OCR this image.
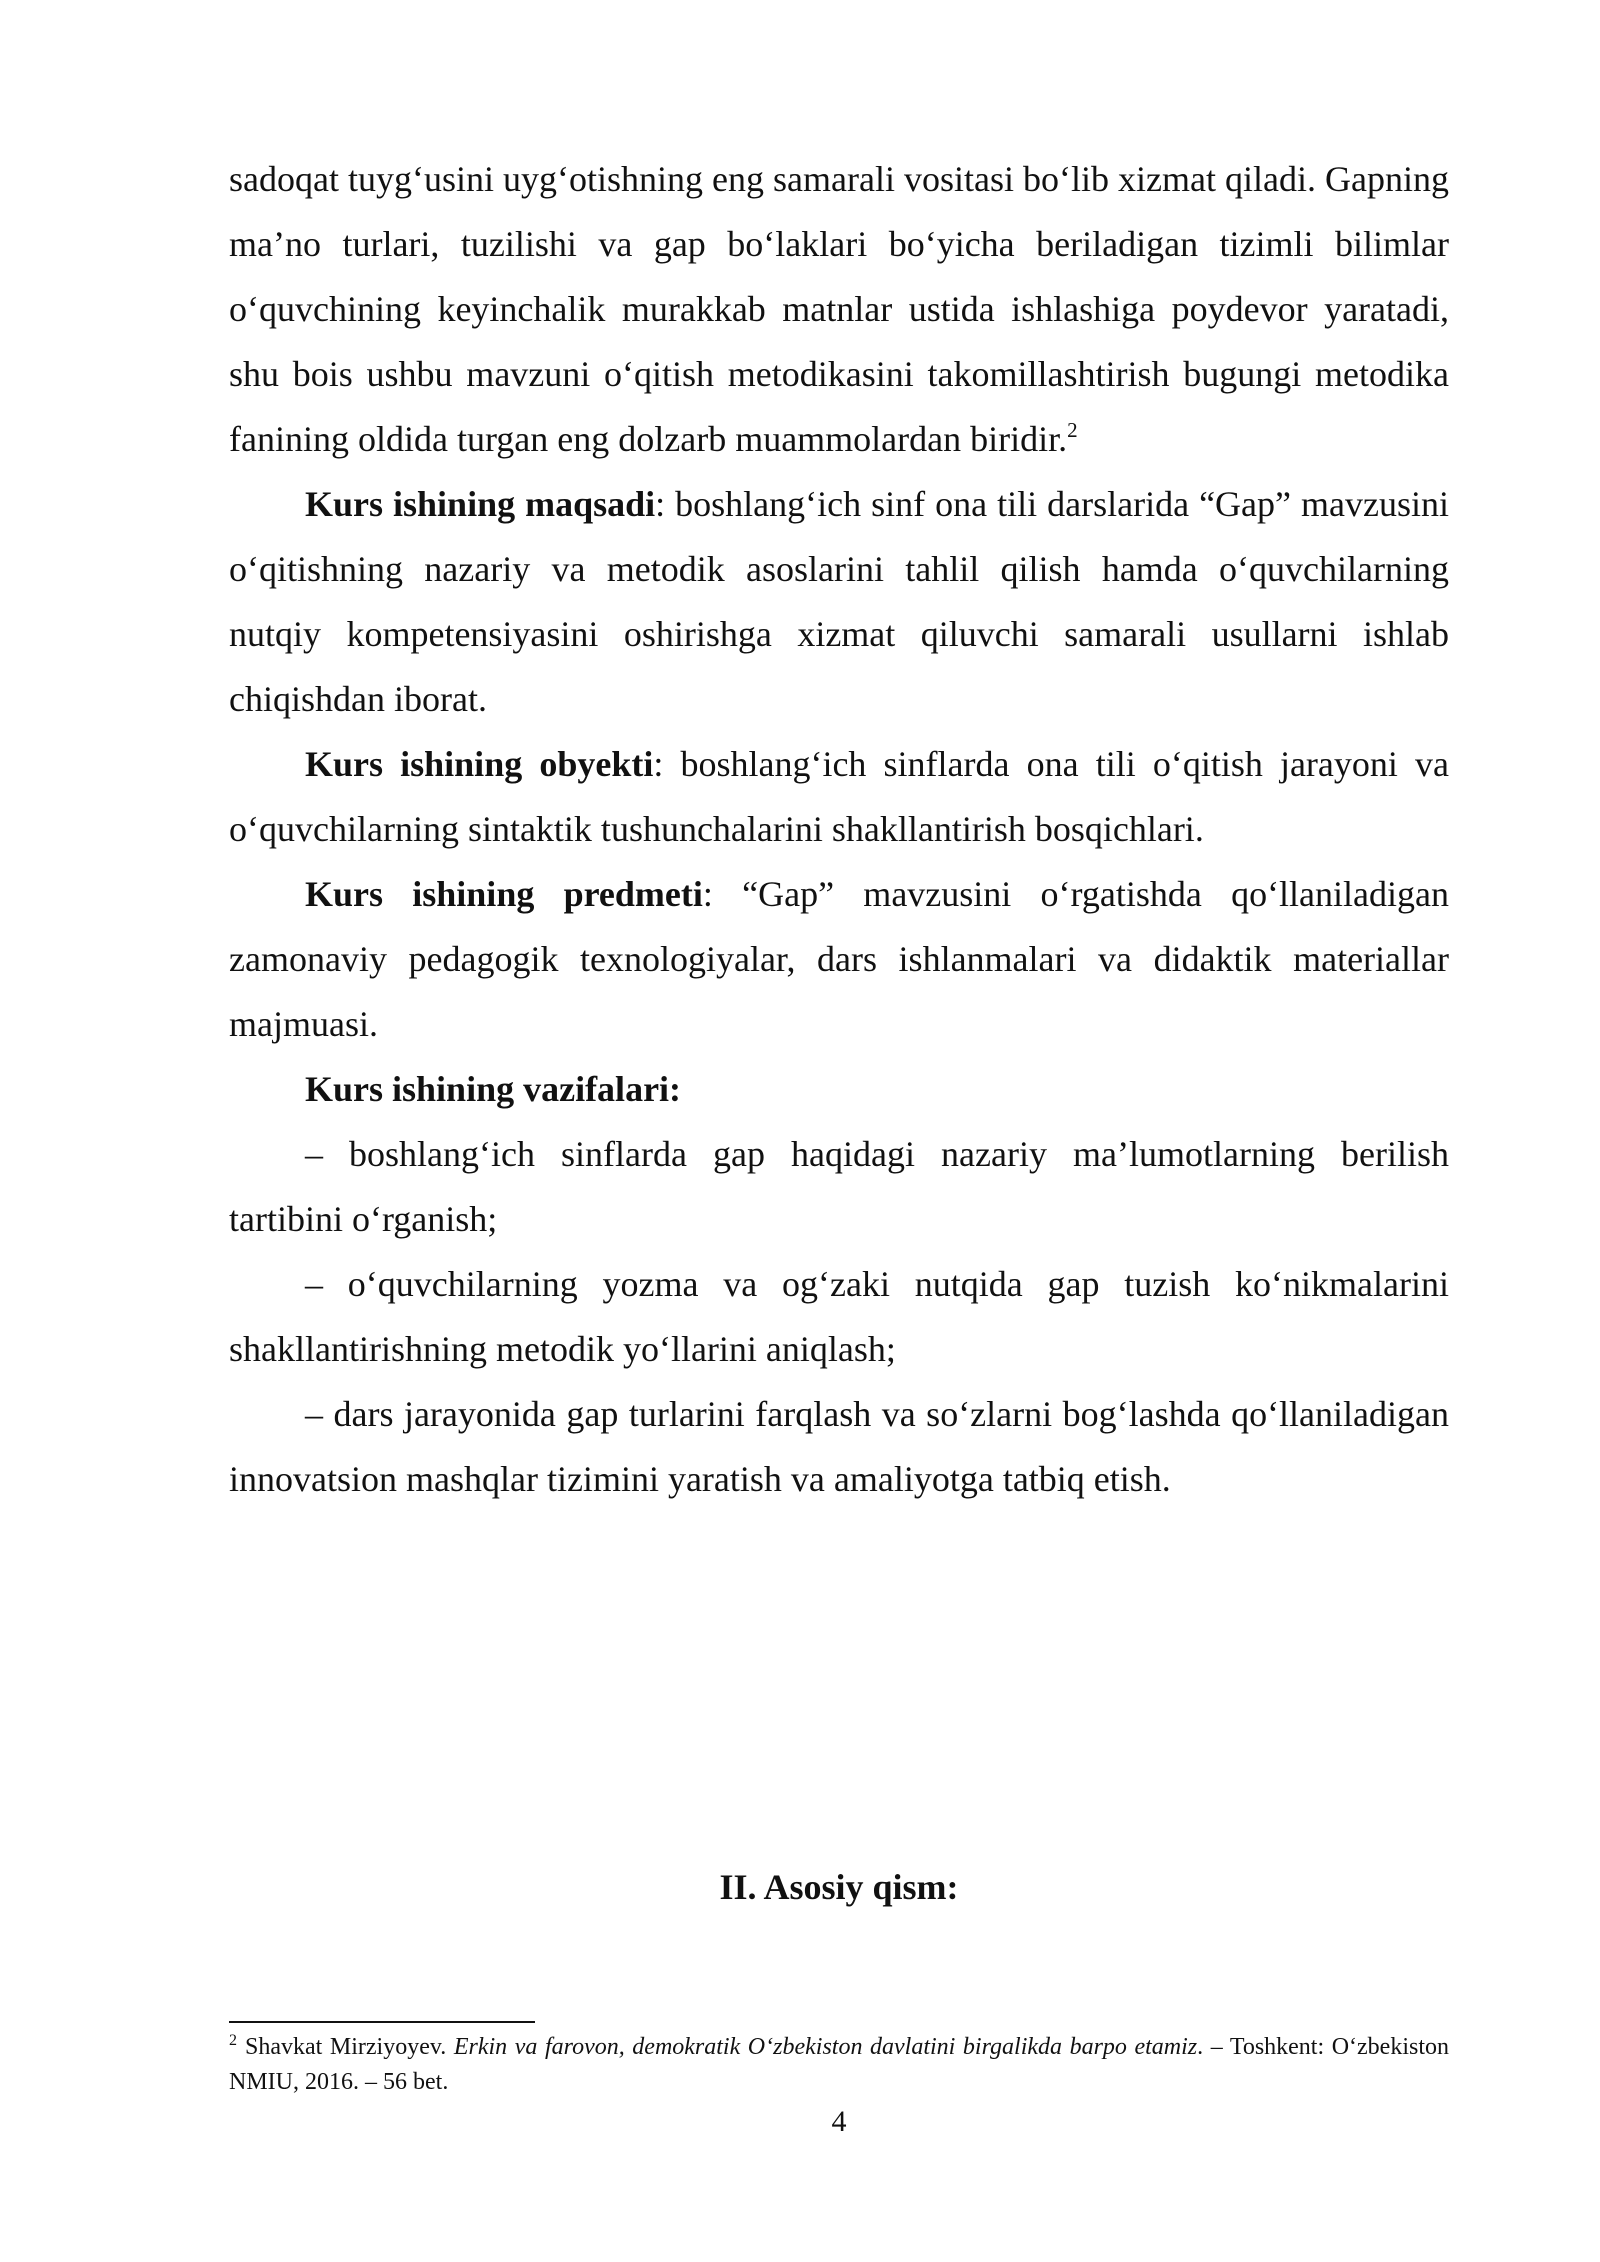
sadoqat tuyg‘usini uyg‘otishning eng samarali vositasi bo‘lib xizmat qiladi. Gapning ma’no turlari, tuzilishi va gap bo‘laklari bo‘yicha beriladigan tizimli bilimlar o‘quvchining keyinchalik murakkab matnlar ustida ishlashiga poydevor yaratadi, shu bois ushbu mavzuni o‘qitish metodikasini takomillashtirish bugungi metodika fanining oldida turgan eng dolzarb muammolardan biridir.$^2$

Kurs ishining maqsadi: boshlang‘ich sinf ona tili darslarida “Gap” mavzusini o‘qitishning nazariy va metodik asoslarini tahlil qilish hamda o‘quvchilarning nutqiy kompetensiyasini oshirishga xizmat qiluvchi samarali usullarni ishlab chiqishdan iborat.

Kurs ishining obyekti: boshlang‘ich sinflarda ona tili o‘qitish jarayoni va o‘quvchilarning sintaktik tushunchalarini shakllantirish bosqichlari.

Kurs ishining predmeti: “Gap” mavzusini o‘rgatishda qo‘llaniladigan zamonaviy pedagogik texnologiyalar, dars ishlanmalari va didaktik materiallar majmuasi.

Kurs ishining vazifalari:

– boshlang‘ich sinflarda gap haqidagi nazariy ma’lumotlarning berilish tartibini o‘rganish;

– o‘quvchilarning yozma va og‘zaki nutqida gap tuzish ko‘nikmalarini shakllantirishning metodik yo‘llarini aniqlash;

– dars jarayonida gap turlarini farqlash va so‘zlarni bog‘lashda qo‘llaniladigan innovatsion mashqlar tizimini yaratish va amaliyotga tatbiq etish.

II. Asosiy qism:
$^2$ Shavkat Mirziyoyev. Erkin va farovon, demokratik O‘zbekiston davlatini birgalikda barpo etamiz. – Toshkent: O‘zbekiston NMIU, 2016. – 56 bet.
4
